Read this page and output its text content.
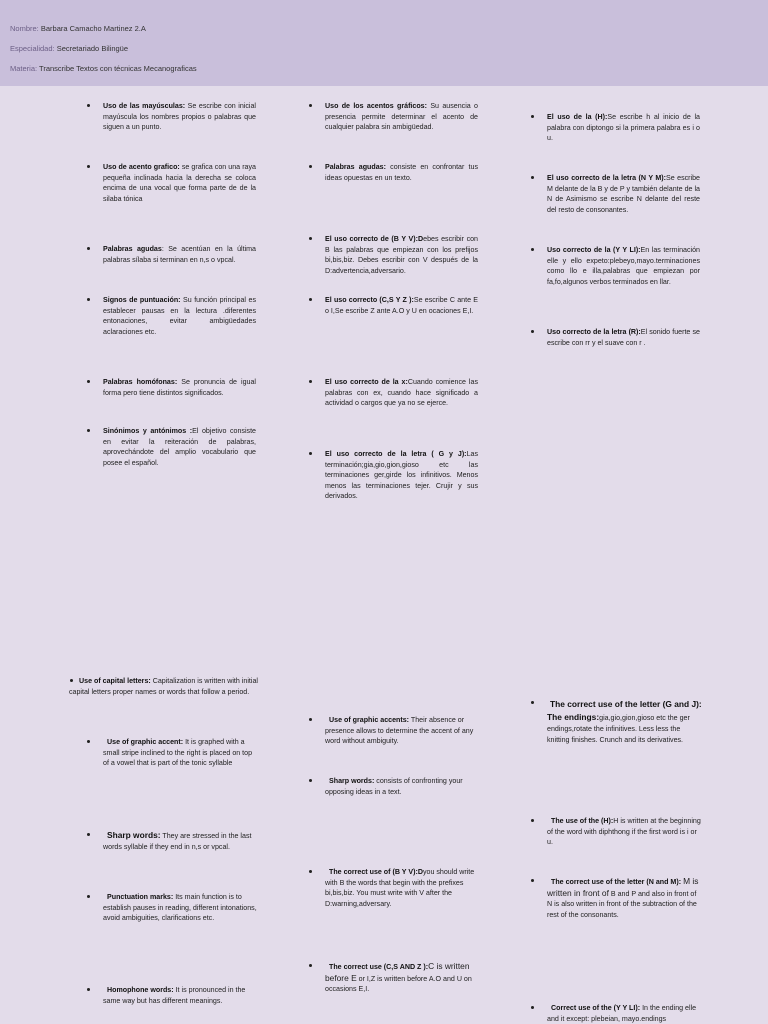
Nombre: Barbara Camacho Martinez 2.A
Especialidad: Secretariado Bilingüe
Materia: Transcribe Textos con técnicas Mecanograficas
Uso de las mayúsculas: Se escribe con inicial mayúscula los nombres propios o palabras que siguen a un punto.
Uso de acento grafico: se grafica con una raya pequeña inclinada hacia la derecha se coloca encima de una vocal que forma parte de de la silaba tónica
Palabras agudas: Se acentúan en la última palabras sílaba si terminan en n,s o vpcal.
Signos de puntuación: Su función principal es establecer pausas en la lectura .diferentes entonaciones, evitar ambigüedades aclaraciones etc.
Palabras homófonas: Se pronuncia de igual forma pero tiene distintos significados.
Sinónimos y antónimos :El objetivo consiste en evitar la reiteración de palabras, aprovechándote del amplio vocabulario que posee el español.
Uso de los acentos gráficos: Su ausencia o presencia permite determinar el acento de cualquier palabra sin ambigüedad.
Palabras agudas: consiste en confrontar tus ideas opuestas en un texto.
El uso correcto de (B Y V):Debes escribir con B las palabras que empiezan con los prefijos bi,bis,biz. Debes escribir con V después de la D:advertencia,adversario.
El uso correcto (C,S Y Z ):Se escribe C ante E o I,Se escribe Z ante A.O y U en ocaciones E,I.
El uso correcto de la x:Cuando comience las palabras con ex, cuando hace significado a actividad o cargos que ya no se ejerce.
El uso correcto de la letra ( G y J):Las terminación;gia,gio,gion,gioso etc las terminaciones ger,girde los infinitivos. Menos menos las terminaciones tejer. Crujir y sus derivados.
El uso de la (H):Se escribe h al inicio de la palabra con diptongo si la primera palabra es i o u.
El uso correcto de la letra (N Y M):Se escribe M delante de la B y de P y también delante de la N de Asimismo se escribe N delante del reste del resto de consonantes.
Uso correcto de la (Y Y LI):En las terminación elle y ello expeto:plebeyo,mayo.terminaciones como llo e illa,palabras que empiezan por fa,fo,algunos verbos terminados en llar.
Uso correcto de la letra (R):El sonido fuerte se escribe con rr y el suave con r .
Use of capital letters: Capitalization is written with initial capital letters proper names or words that follow a period.
Use of graphic accent: It is graphed with a small stripe inclined to the right is placed on top of a vowel that is part of the tonic syllable
Sharp words: They are stressed in the last words syllable if they end in n,s or vpcal.
Punctuation marks: Its main function is to establish pauses in reading, different intonations, avoid ambiguities, clarifications etc.
Homophone words: It is pronounced in the same way but has different meanings.
Use of graphic accents: Their absence or presence allows to determine the accent of any word without ambiguity.
Sharp words: consists of confronting your opposing ideas in a text.
The correct use of (B Y V):Dyou should write with B the words that begin with the prefixes bi,bis,biz. You must write with V after the D:warning,adversary.
The correct use (C,S AND Z ):C is written before E or I,Z is written before A.O and U on occasions E,I.
The correct use of the letter (G and J): The endings:gia,gio,gion,gioso etc the ger endings,rotate the infinitives. Less less the knitting finishes. Crunch and its derivatives.
The use of the (H):H is written at the beginning of the word with diphthong if the first word is i or u.
The correct use of the letter (N and M): M is written in front of B and P and also in front of N is also written in front of the subtraction of the rest of the consonants.
Correct use of the (Y Y LI): In the ending elle and it except: plebeian, mayo.endings
